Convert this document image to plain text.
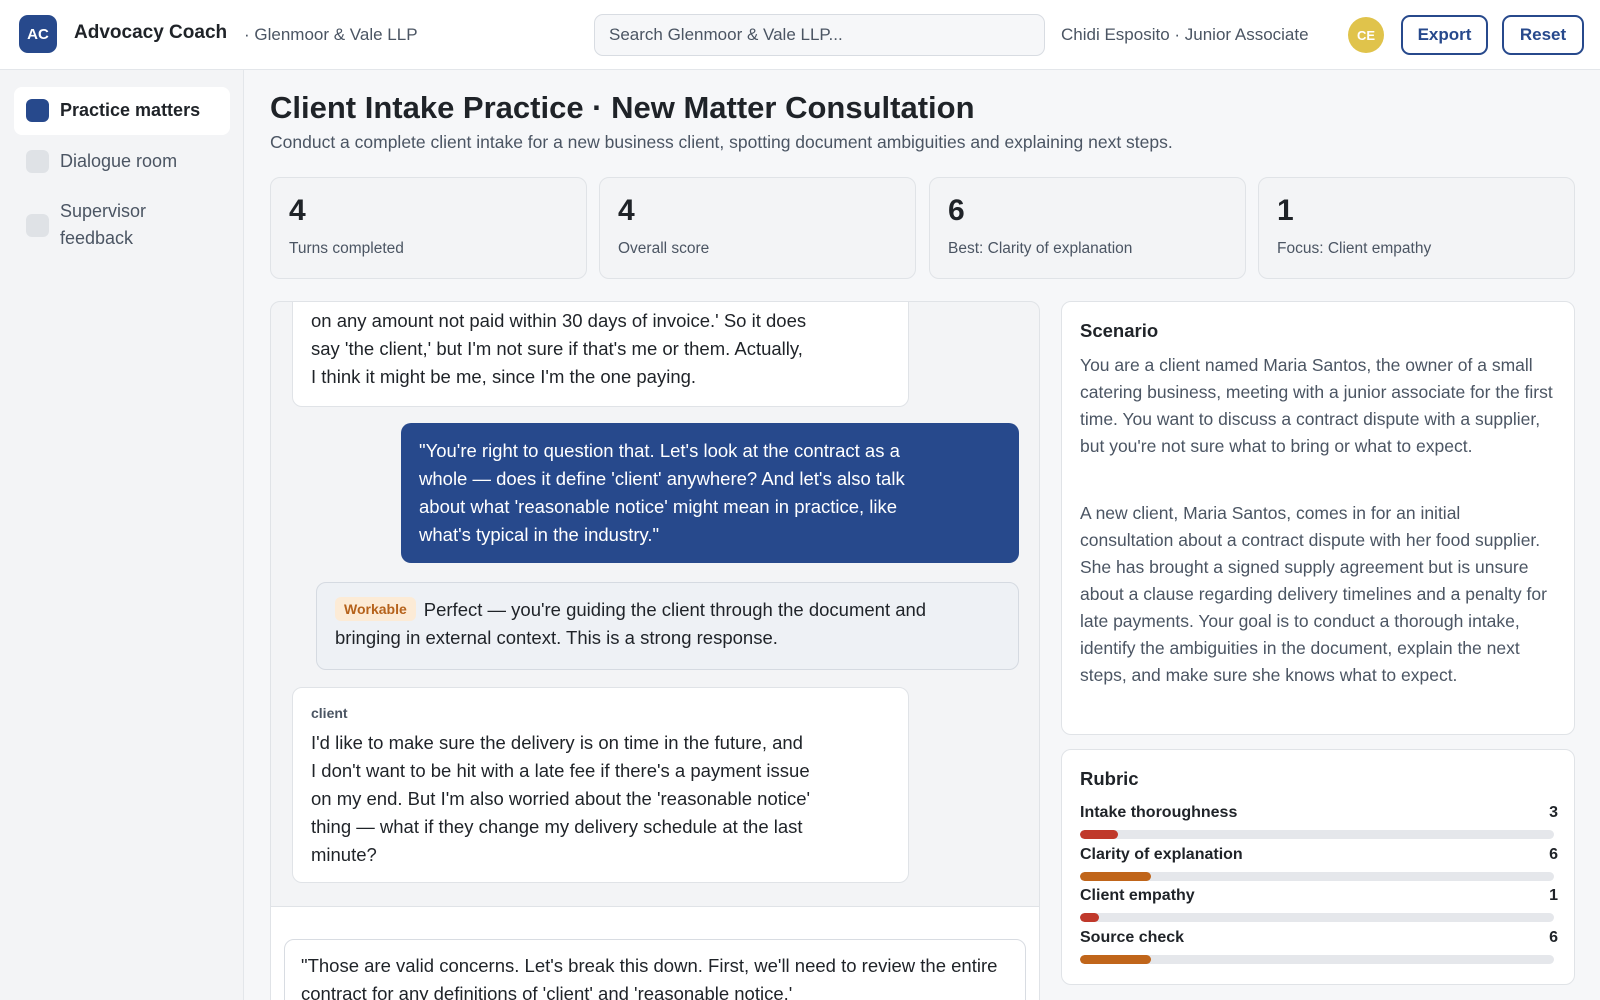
AC	Advocacy Coach · Glenmoor & Vale LLP
Search Glenmoor & Vale LLP...	Chidi Esposito · Junior Associate	CE	Export	Reset
Practice matters
Dialogue room
Supervisor feedback
Client Intake Practice · New Matter Consultation
Conduct a complete client intake for a new business client, spotting document ambiguities and explaining next steps.
4
Turns completed
4
Overall score
6
Best: Clarity of explanation
1
Focus: Client empathy
on any amount not paid within 30 days of invoice.' So it does
say 'the client,' but I'm not sure if that's me or them. Actually,
I think it might be me, since I'm the one paying.
"You're right to question that. Let's look at the contract as a
whole — does it define 'client' anywhere? And let's also talk
about what 'reasonable notice' might mean in practice, like
what's typical in the industry."
Workable Perfect — you're guiding the client through the document and
bringing in external context. This is a strong response.
client
I'd like to make sure the delivery is on time in the future, and
I don't want to be hit with a late fee if there's a payment issue
on my end. But I'm also worried about the 'reasonable notice'
thing — what if they change my delivery schedule at the last
minute?
"Those are valid concerns. Let's break this down. First, we'll need to review the entire contract for any definitions of 'client' and 'reasonable notice.'
Scenario
You are a client named Maria Santos, the owner of a small catering business, meeting with a junior associate for the first time. You want to discuss a contract dispute with a supplier, but you're not sure what to bring or what to expect.
A new client, Maria Santos, comes in for an initial consultation about a contract dispute with her food supplier. She has brought a signed supply agreement but is unsure about a clause regarding delivery timelines and a penalty for late payments. Your goal is to conduct a thorough intake, identify the ambiguities in the document, explain the next steps, and make sure she knows what to expect.
Rubric
Intake thoroughness	3
Clarity of explanation	6
Client empathy	1
Source check	6
